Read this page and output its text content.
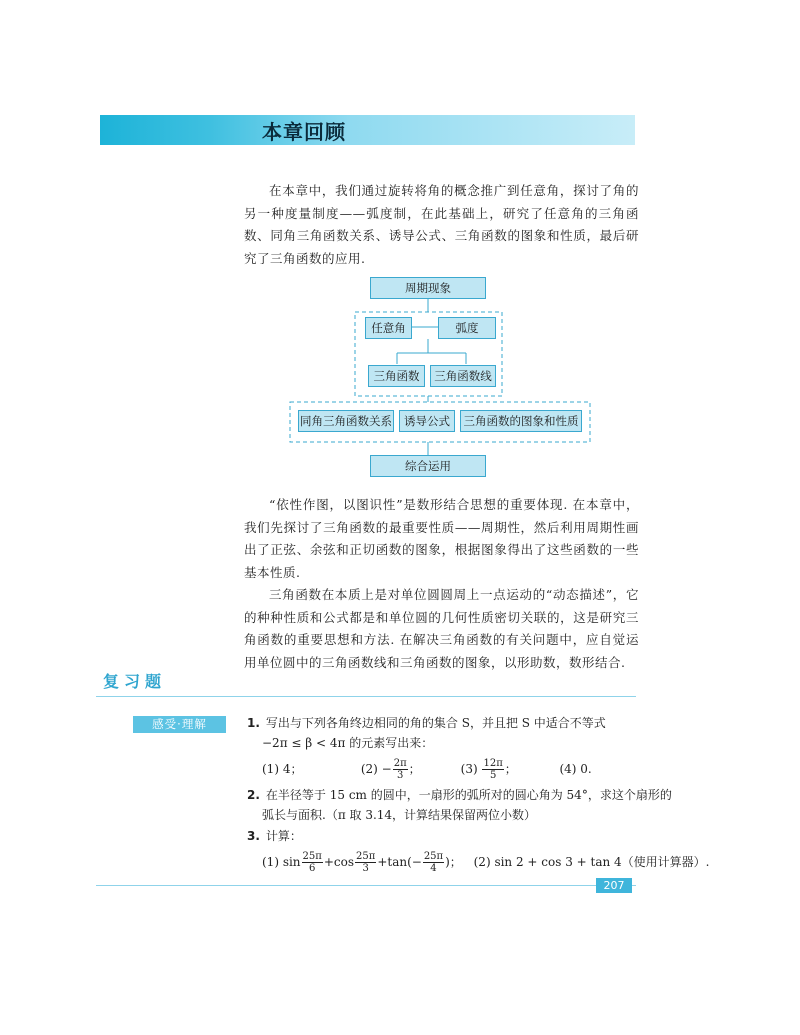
本章回顾

在本章中，我们通过旋转将角的概念推广到任意角，探讨了角的另一种度量制度——弧度制，在此基础上，研究了任意角的三角函数、同角三角函数关系、诱导公式、三角函数的图象和性质，最后研究了三角函数的应用.

周期现象
任意角	弧度
三角函数	三角函数线
同角三角函数关系	诱导公式	三角函数的图象和性质
综合运用

“依性作图，以图识性”是数形结合思想的重要体现. 在本章中，我们先探讨了三角函数的最重要性质——周期性，然后利用周期性画出了正弦、余弦和正切函数的图象，根据图象得出了这些函数的一些基本性质.

三角函数在本质上是对单位圆圆周上一点运动的“动态描述”，它的种种性质和公式都是和单位圆的几何性质密切关联的，这是研究三角函数的重要思想和方法. 在解决三角函数的有关问题中，应自觉运用单位圆中的三角函数线和三角函数的图象，以形助数，数形结合.

复习题
感受·理解	1. 写出与下列各角终边相同的角的集合 S，并且把 S 中适合不等式
−2π ≤ β < 4π 的元素写出来：
(1) 4；	$(2) - \frac{2\pi}{3}$ ；	$(3) \frac{12\pi}{5}$ ；	(4) 0.
2. 在半径等于 15 cm 的圆中，一扇形的弧所对的圆心角为 54°，求这个扇形的
弧长与面积.（π 取 3.14，计算结果保留两位小数）
3. 计算：
(1) $\sin \frac{25\pi}{6} +\cos \frac{25\pi}{3} +\tan(- \frac{25\pi}{4}$ )； (2) sin 2 + cos 3 + tan 4（使用计算器）.
207
